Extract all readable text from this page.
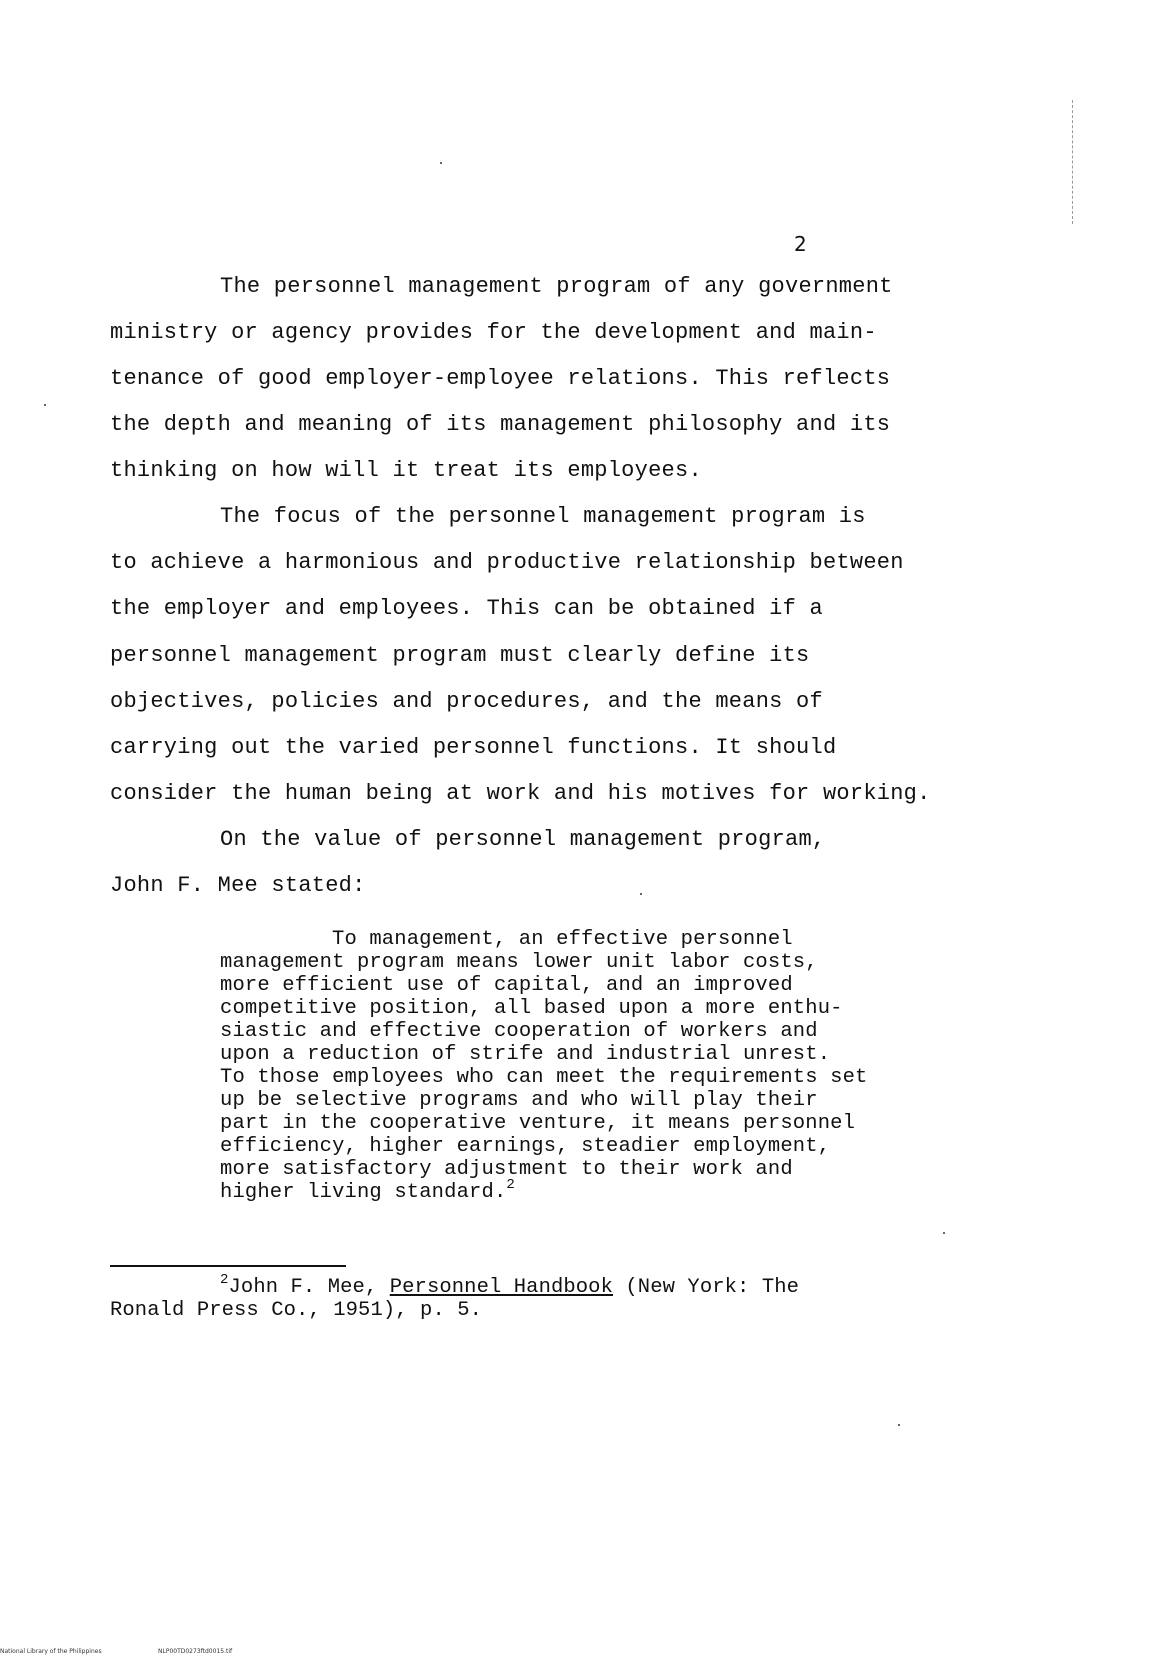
2
The personnel management program of any government
ministry or agency provides for the development and main-
tenance of good employer-employee relations. This reflects
the depth and meaning of its management philosophy and its
thinking on how will it treat its employees.
The focus of the personnel management program is
to achieve a harmonious and productive relationship between
the employer and employees. This can be obtained if a
personnel management program must clearly define its
objectives, policies and procedures, and the means of
carrying out the varied personnel functions. It should
consider the human being at work and his motives for working.
On the value of personnel management program,
John F. Mee stated:
To management, an effective personnel
management program means lower unit labor costs,
more efficient use of capital, and an improved
competitive position, all based upon a more enthu-
siastic and effective cooperation of workers and
upon a reduction of strife and industrial unrest.
To those employees who can meet the requirements set
up be selective programs and who will play their
part in the cooperative venture, it means personnel
efficiency, higher earnings, steadier employment,
more satisfactory adjustment to their work and
higher living standard.$^2$
$^2$John F. Mee, Personnel Handbook (New York: The
Ronald Press Co., 1951), p. 5.
National Library of the Philippines	NLP00TD0273ftd0015.tif
